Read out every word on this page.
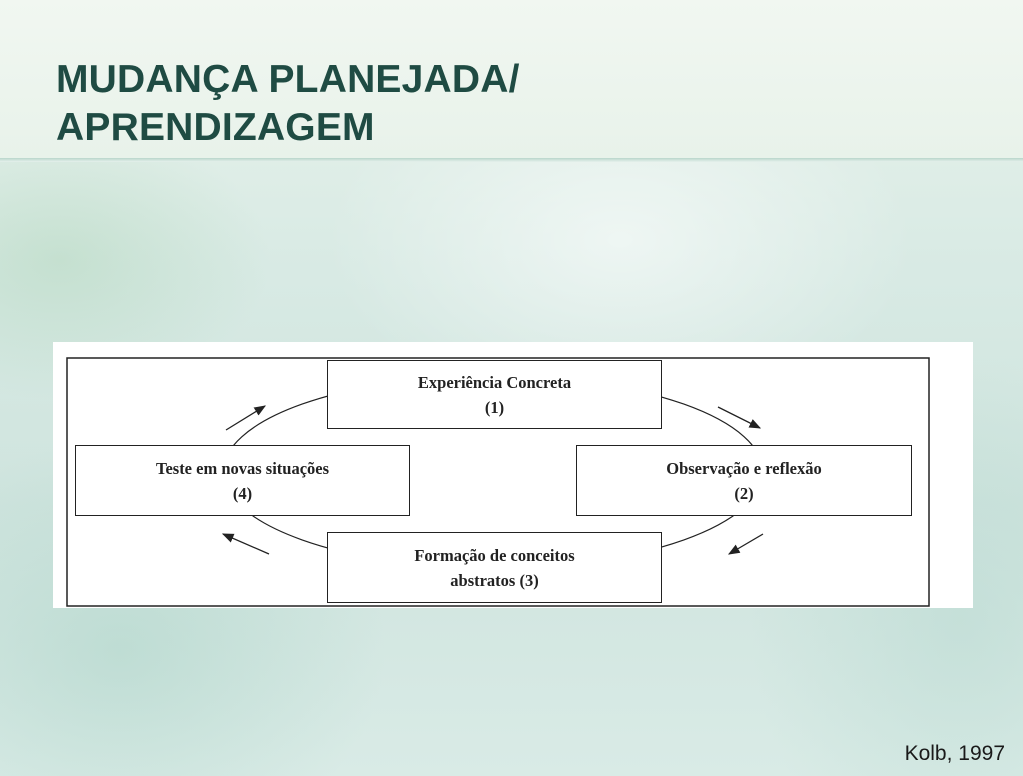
MUDANÇA PLANEJADA/
APRENDIZAGEM
Experiência Concreta
(1)
Observação e reflexão
(2)
Formação de conceitos
abstratos (3)
Teste em novas situações
(4)
Kolb, 1997
